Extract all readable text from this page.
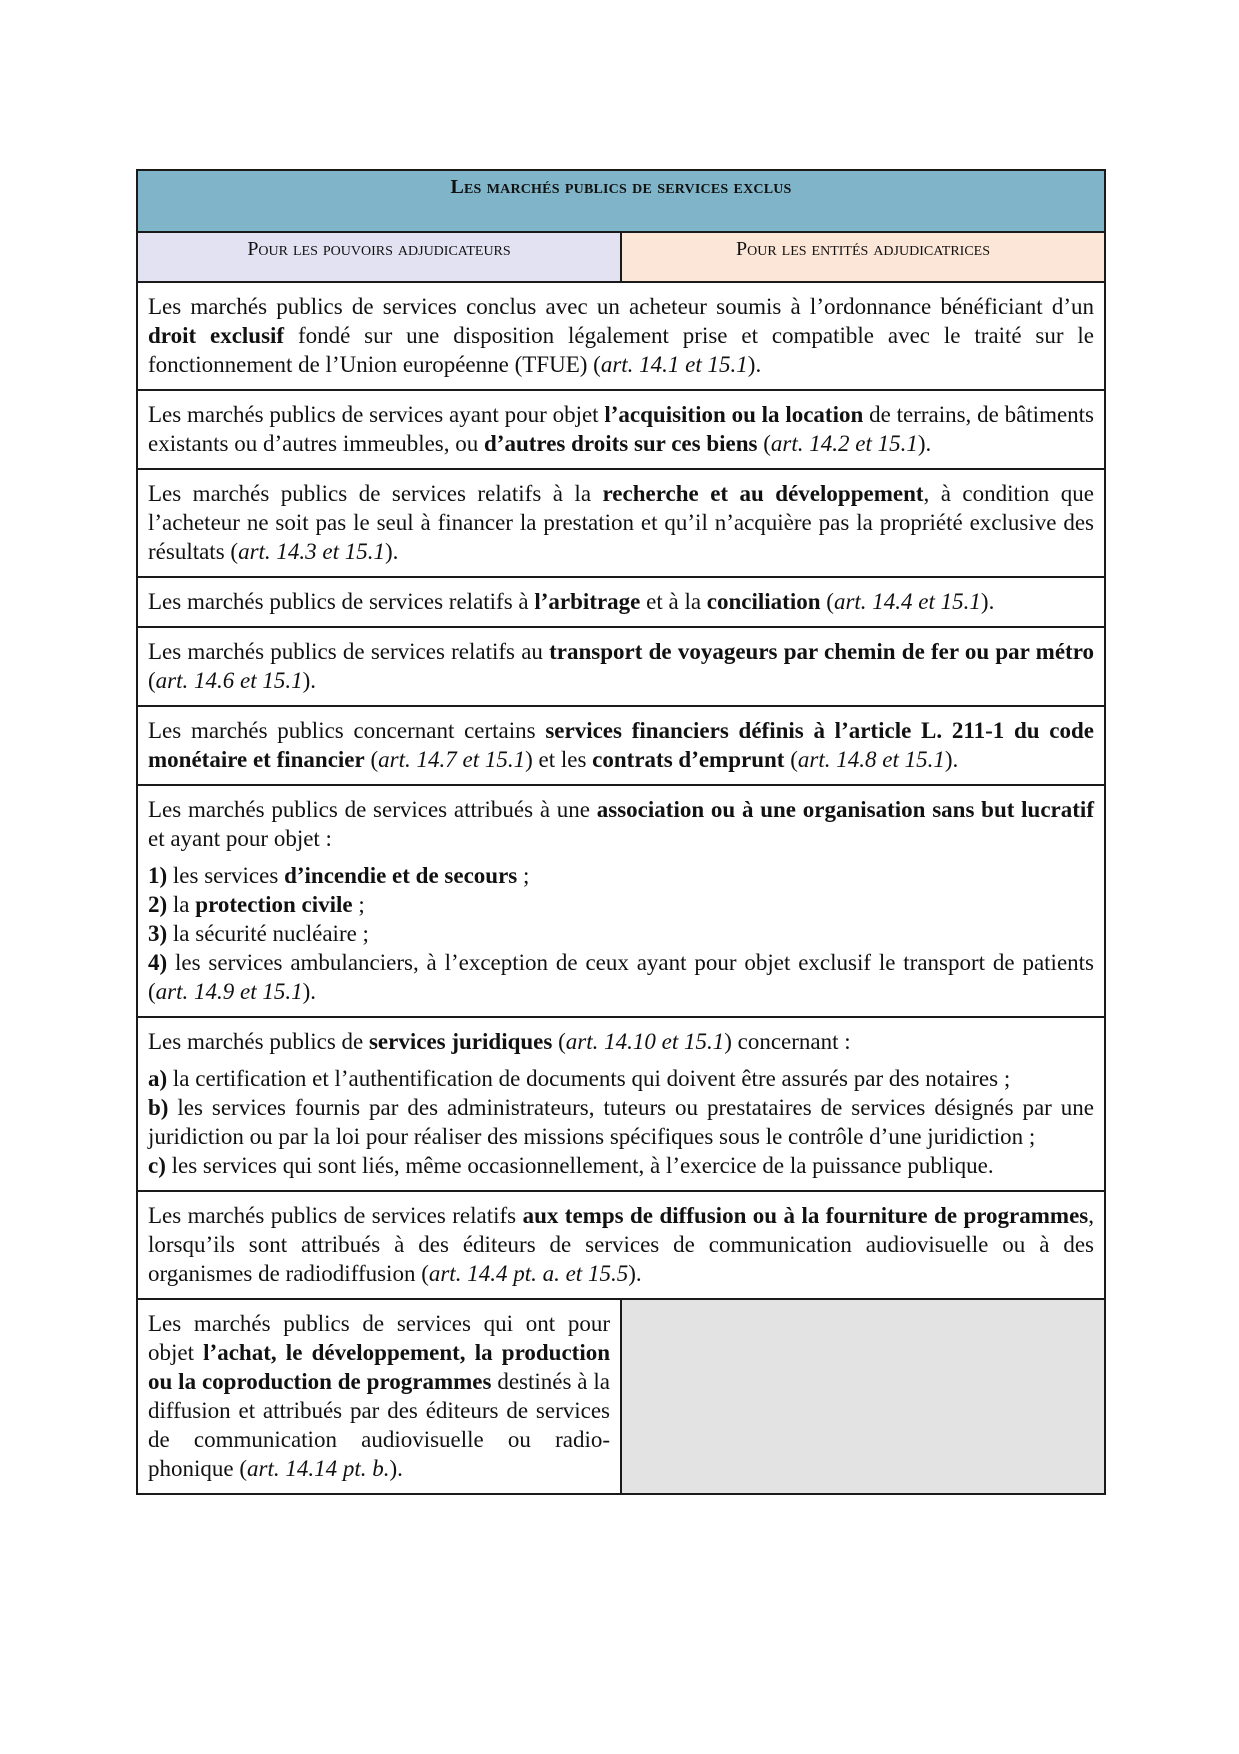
Les marchés publics de services exclus	
Pour les pouvoirs adjudicateurs	Pour les entités adjudicatrices
Les marchés publics de services conclus avec un acheteur soumis à l’ordonnance bénéficiant d’un droit exclusif fondé sur une disposition légalement prise et compatible avec le traité sur le fonctionnement de l’Union européenne (TFUE) (art. 14.1 et 15.1).	
Les marchés publics de services ayant pour objet l’acquisition ou la location de terrains, de bâtiments existants ou d’autres immeubles, ou d’autres droits sur ces biens (art. 14.2 et 15.1).	
Les marchés publics de services relatifs à la recherche et au développement, à condition que l’acheteur ne soit pas le seul à financer la prestation et qu’il n’acquière pas la propriété exclusive des résultats (art. 14.3 et 15.1).	
Les marchés publics de services relatifs à l’arbitrage et à la conciliation (art. 14.4 et 15.1).	
Les marchés publics de services relatifs au transport de voyageurs par chemin de fer ou par métro (art. 14.6 et 15.1).	
Les marchés publics concernant certains services financiers définis à l’article L. 211-1 du code monétaire et financier (art. 14.7 et 15.1) et les contrats d’emprunt (art. 14.8 et 15.1).	

Les marchés publics de services attribués à une association ou à une organisation sans but lucratif et ayant pour objet :
1) les services d’incendie et de secours ;
2) la protection civile ;
3) la sécurité nucléaire ;
4) les services ambulanciers, à l’exception de ceux ayant pour objet exclusif le transport de patients (art. 14.9 et 15.1).	

Les marchés publics de services juridiques (art. 14.10 et 15.1) concernant :
a) la certification et l’authentification de documents qui doivent être assurés par des notaires ;
b) les services fournis par des administrateurs, tuteurs ou prestataires de services désignés par une juridiction ou par la loi pour réaliser des missions spécifiques sous le contrôle d’une juridiction ;
c) les services qui sont liés, même occasionnellement, à l’exercice de la puissance publique.	

Les marchés publics de services relatifs aux temps de diffusion ou à la fourniture de programmes, lorsqu’ils sont attribués à des éditeurs de services de communication audiovisuelle ou à des organismes de radiodiffusion (art. 14.4 pt. a. et 15.5).	
Les marchés publics de services qui ont pour objet l’achat, le développement, la production ou la coproduction de programmes destinés à la diffusion et attribués par des éditeurs de services de communication audiovisuelle ou radio-phonique (art. 14.14 pt. b.).	
